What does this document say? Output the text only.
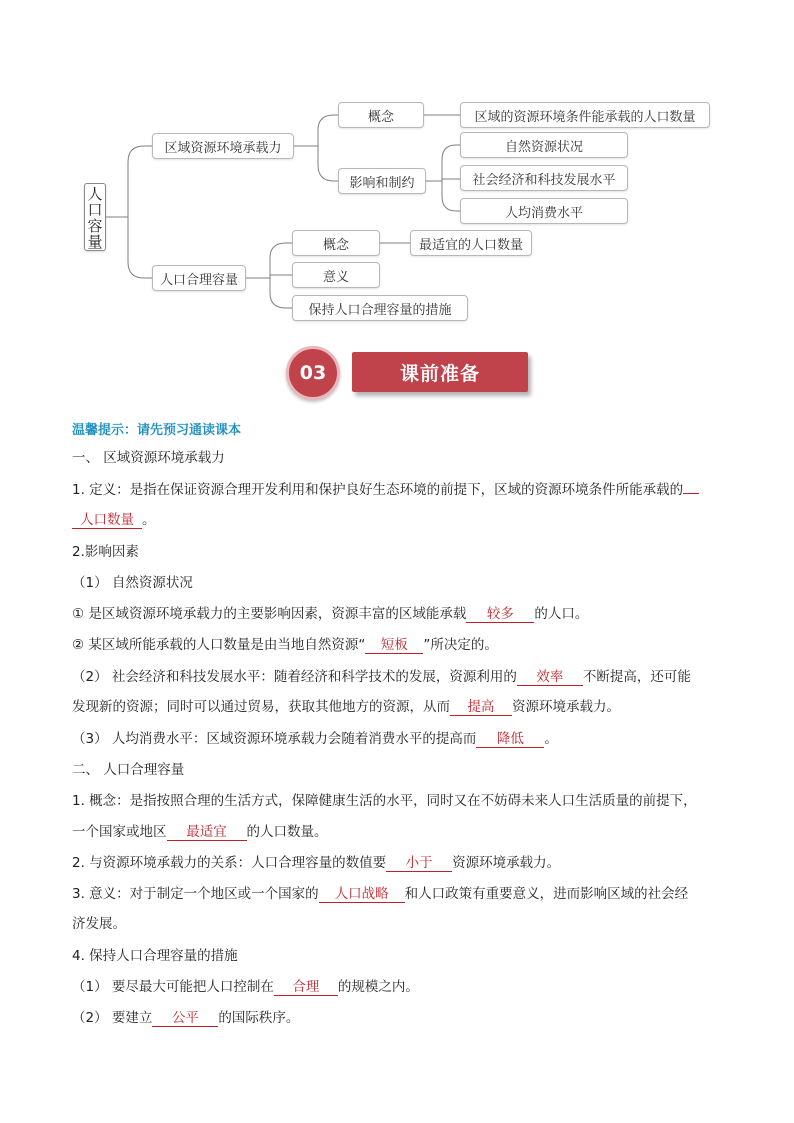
人口容量
区域资源环境承载力
概念	区域的资源环境条件能承载的人口数量
影响和制约
自然资源状况
社会经济和科技发展水平
人均消费水平
人口合理容量
概念	最适宜的人口数量
意义
保持人口合理容量的措施
03	课前准备
温馨提示：请先预习通读课本
一、 区域资源环境承载力
1. 定义：是指在保证资源合理开发利用和保护良好生态环境的前提下，区域的资源环境条件所能承载的
人口数量 。
2.影响因素
（1） 自然资源状况
① 是区域资源环境承载力的主要影响因素，资源丰富的区域能承载 较多 的人口。
② 某区域所能承载的人口数量是由当地自然资源“ 短板 ”所决定的。
（2） 社会经济和科技发展水平：随着经济和科学技术的发展，资源利用的 效率 不断提高，还可能
发现新的资源；同时可以通过贸易，获取其他地方的资源，从而 提高 资源环境承载力。
（3） 人均消费水平：区域资源环境承载力会随着消费水平的提高而 降低 。
二、 人口合理容量
1. 概念：是指按照合理的生活方式，保障健康生活的水平，同时又在不妨碍未来人口生活质量的前提下，
一个国家或地区 最适宜 的人口数量。
2. 与资源环境承载力的关系：人口合理容量的数值要 小于 资源环境承载力。
3. 意义：对于制定一个地区或一个国家的 人口战略 和人口政策有重要意义，进而影响区域的社会经
济发展。
4. 保持人口合理容量的措施
（1） 要尽最大可能把人口控制在 合理 的规模之内。
（2） 要建立 公平 的国际秩序。
